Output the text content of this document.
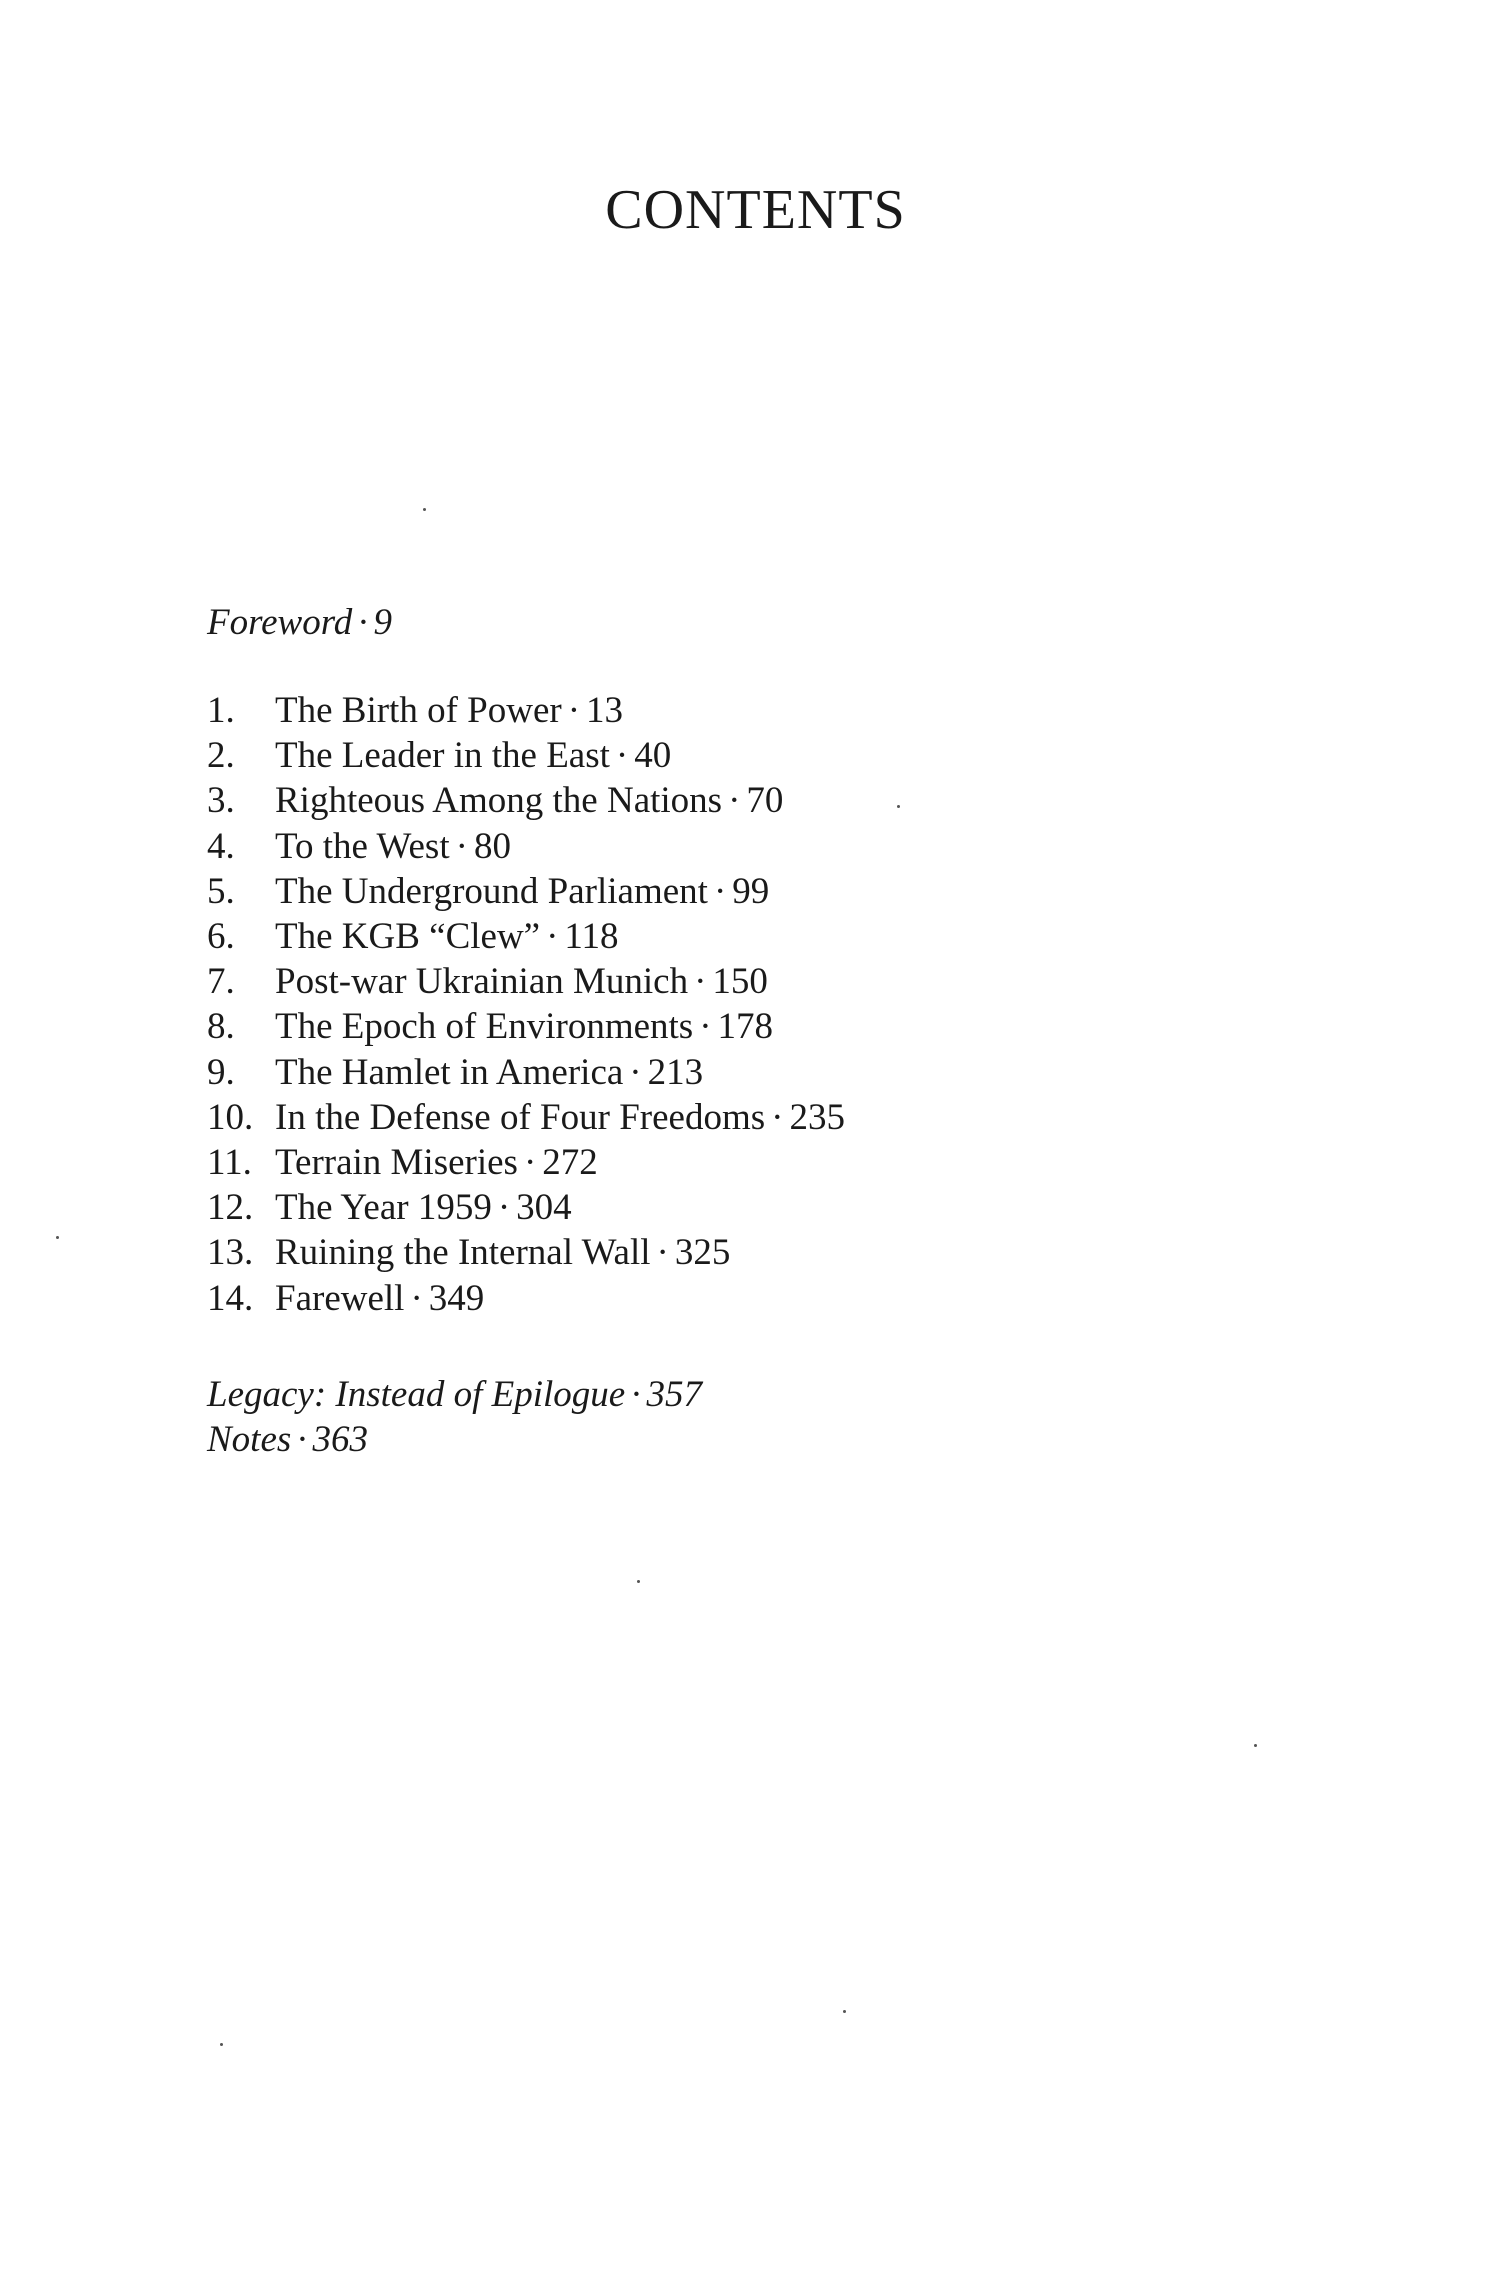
CONTENTS
Foreword · 9
1.	The Birth of Power · 13
2.	The Leader in the East · 40
3.	Righteous Among the Nations · 70
4.	To the West · 80
5.	The Underground Parliament · 99
6.	The KGB “Clew” · 118
7.	Post-war Ukrainian Munich · 150
8.	The Epoch of Environments · 178
9.	The Hamlet in America · 213
10. In the Defense of Four Freedoms · 235
11. Terrain Miseries · 272
12. The Year 1959 · 304
13. Ruining the Internal Wall · 325
14. Farewell · 349
Legacy: Instead of Epilogue · 357
Notes · 363
